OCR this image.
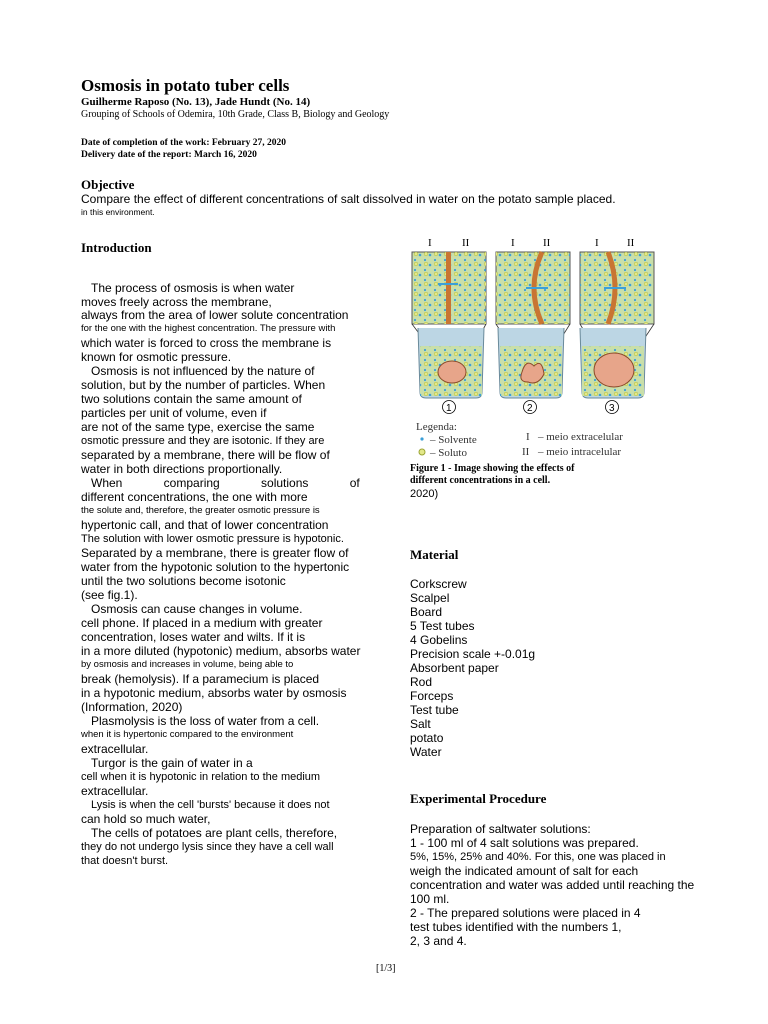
Osmosis in potato tuber cells
Guilherme Raposo (No. 13), Jade Hundt (No. 14)
Grouping of Schools of Odemira, 10th Grade, Class B, Biology and Geology
Date of completion of the work: February 27, 2020
Delivery date of the report: March 16, 2020
Objective
Compare the effect of different concentrations of salt dissolved in water on the potato sample placed.
in this environment.
Introduction
The process of osmosis is when water
moves freely across the membrane,
always from the area of lower solute concentration
for the one with the highest concentration. The pressure with
which water is forced to cross the membrane is
known for osmotic pressure.
Osmosis is not influenced by the nature of
solution, but by the number of particles. When
two solutions contain the same amount of
particles per unit of volume, even if
are not of the same type, exercise the same
osmotic pressure and they are isotonic. If they are
separated by a membrane, there will be flow of
water in both directions proportionally.
When comparing solutions of
different concentrations, the one with more
the solute and, therefore, the greater osmotic pressure is
hypertonic call, and that of lower concentration
The solution with lower osmotic pressure is hypotonic.
Separated by a membrane, there is greater flow of
water from the hypotonic solution to the hypertonic
until the two solutions become isotonic
(see fig.1).
Osmosis can cause changes in volume.
cell phone. If placed in a medium with greater
concentration, loses water and wilts. If it is
in a more diluted (hypotonic) medium, absorbs water
by osmosis and increases in volume, being able to
break (hemolysis). If a paramecium is placed
in a hypotonic medium, absorbs water by osmosis
(Information, 2020)
Plasmolysis is the loss of water from a cell.
when it is hypertonic compared to the environment
extracellular.
Turgor is the gain of water in a
cell when it is hypotonic in relation to the medium
extracellular.
Lysis is when the cell 'bursts' because it does not
can hold so much water,
The cells of potatoes are plant cells, therefore,
they do not undergo lysis since they have a cell wall
that doesn't burst.
I	II	I	II	I	II
1	2	3
Legenda:
– Solvente
– Soluto
I – meio extracelular
II – meio intracelular
Figure 1 - Image showing the effects of
different concentrations in a cell.
2020)
Material
Corkscrew
Scalpel
Board
5 Test tubes
4 Gobelins
Precision scale +-0.01g
Absorbent paper
Rod
Forceps
Test tube
Salt
potato
Water
Experimental Procedure
Preparation of saltwater solutions:
1 - 100 ml of 4 salt solutions was prepared.
5%, 15%, 25% and 40%. For this, one was placed in
weigh the indicated amount of salt for each
concentration and water was added until reaching the
100 ml.
2 - The prepared solutions were placed in 4
test tubes identified with the numbers 1,
2, 3 and 4.
[1/3]
